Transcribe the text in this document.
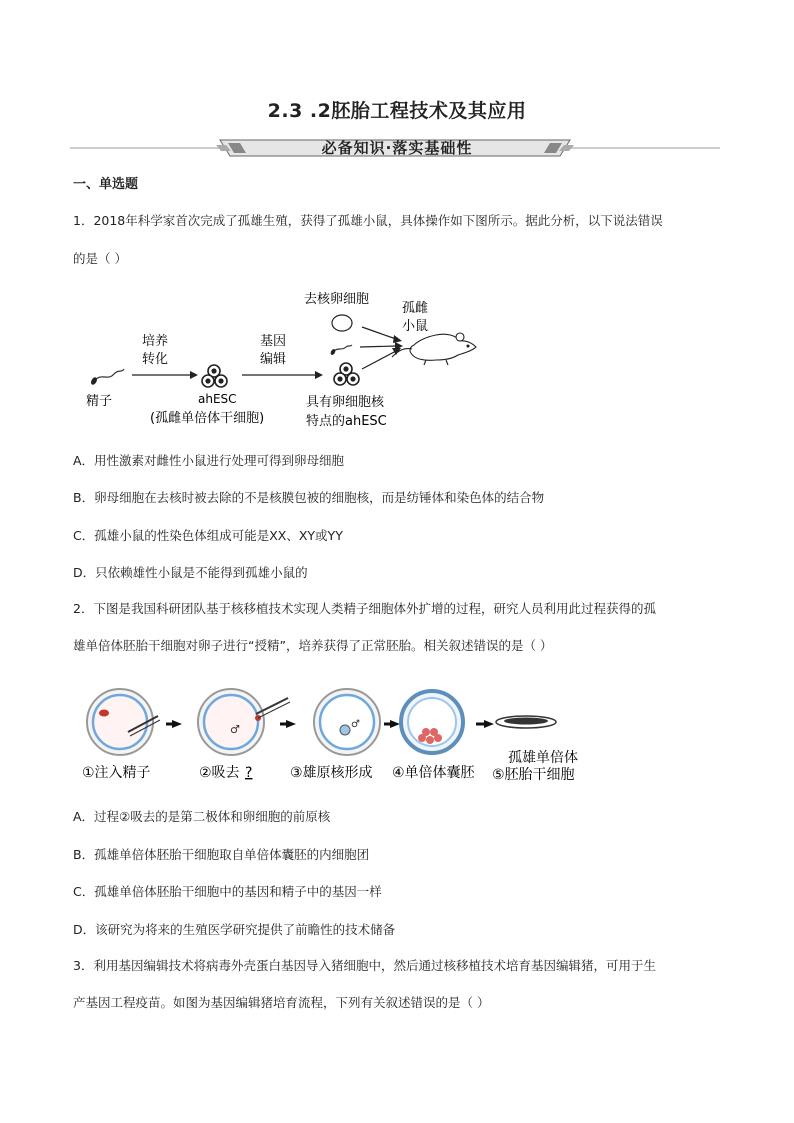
2.3 .2胚胎工程技术及其应用
必备知识·落实基础性
一、单选题
1．2018年科学家首次完成了孤雄生殖，获得了孤雄小鼠，具体操作如下图所示。据此分析，以下说法错误
的是（ ）
精子
培养
转化
ahESC
(孤雌单倍体干细胞)
基因
编辑
去核卵细胞
具有卵细胞核
特点的ahESC
孤雌
小鼠
A．用性激素对雌性小鼠进行处理可得到卵母细胞
B．卵母细胞在去核时被去除的不是核膜包被的细胞核，而是纺锤体和染色体的结合物
C．孤雄小鼠的性染色体组成可能是XX、XY或YY
D．只依赖雄性小鼠是不能得到孤雄小鼠的
2．下图是我国科研团队基于核移植技术实现人类精子细胞体外扩增的过程，研究人员利用此过程获得的孤
雄单倍体胚胎干细胞对卵子进行“授精”，培养获得了正常胚胎。相关叙述错误的是（ ）
♂	♂
①注入精子	②吸去 ?	③雄原核形成 ④单倍体囊胚
孤雄单倍体
⑤胚胎干细胞
A．过程②吸去的是第二极体和卵细胞的前原核
B．孤雄单倍体胚胎干细胞取自单倍体囊胚的内细胞团
C．孤雄单倍体胚胎干细胞中的基因和精子中的基因一样
D．该研究为将来的生殖医学研究提供了前瞻性的技术储备
3．利用基因编辑技术将病毒外壳蛋白基因导入猪细胞中，然后通过核移植技术培育基因编辑猪，可用于生
产基因工程疫苗。如图为基因编辑猪培育流程，下列有关叙述错误的是（ ）
